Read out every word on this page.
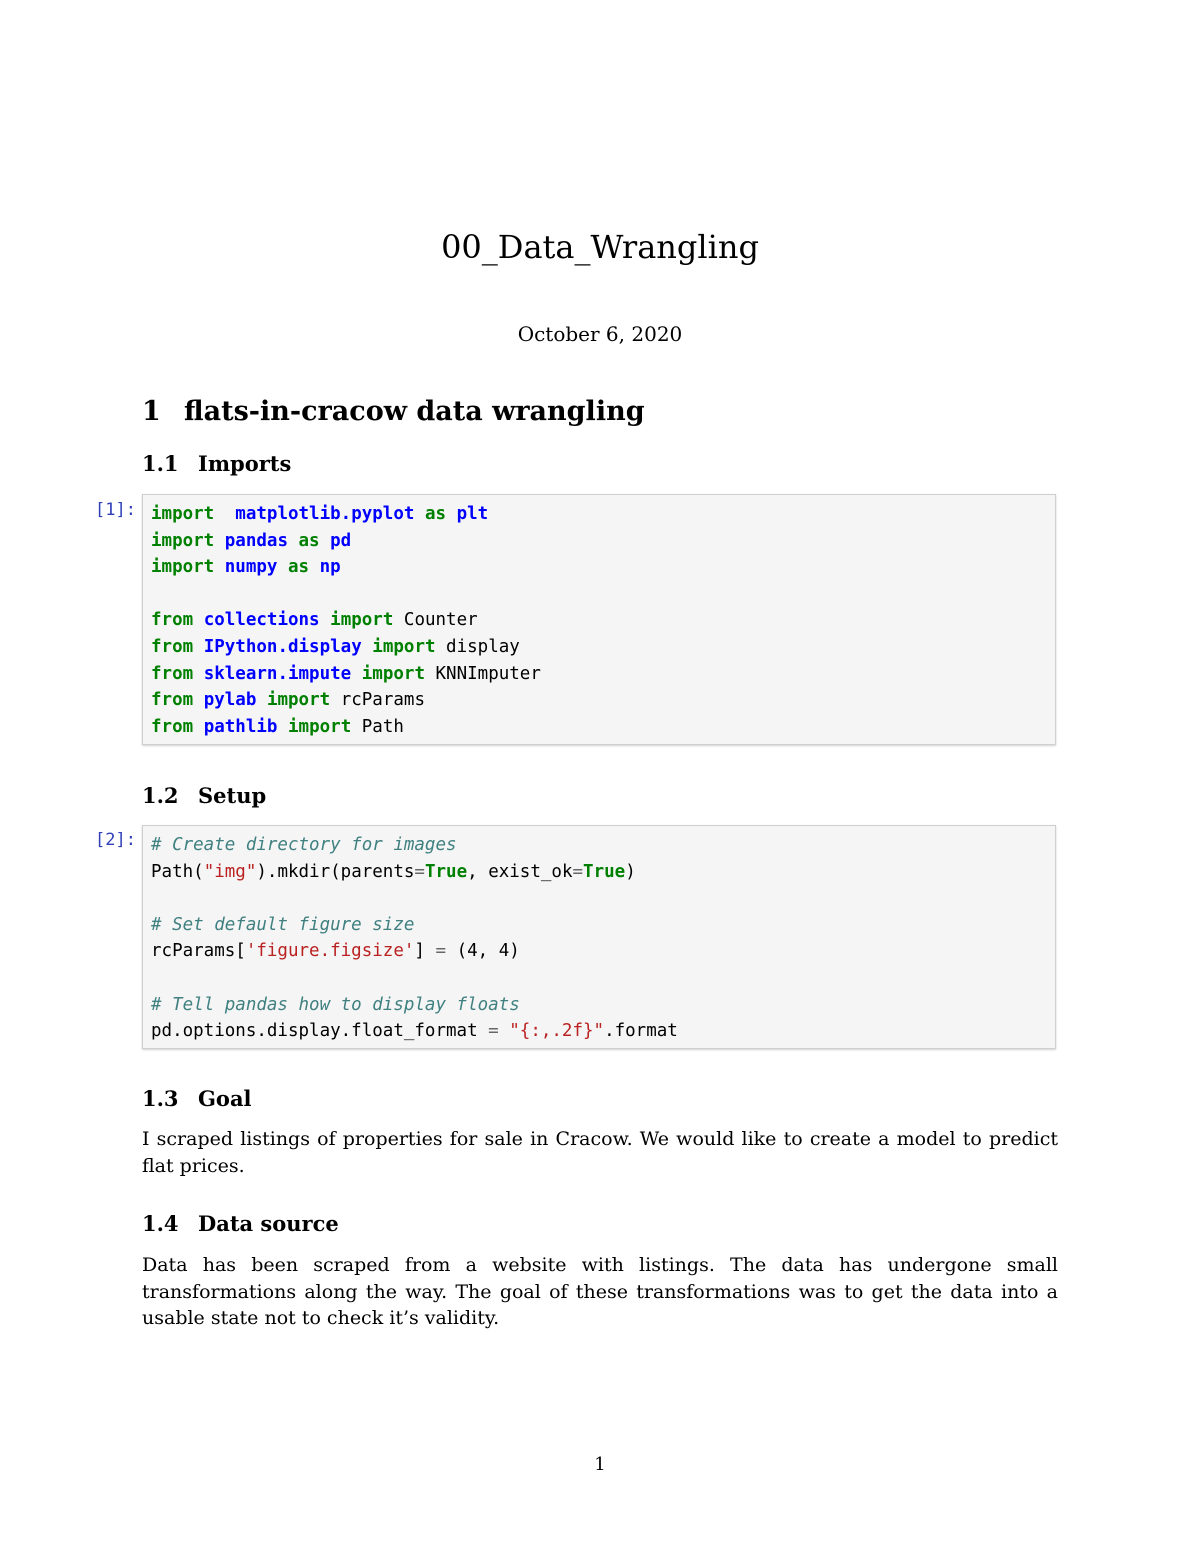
00_Data_Wrangling
October 6, 2020
1 flats-in-cracow data wrangling
1.1 Imports
[1]: import matplotlib.pyplot as plt
import pandas as pd
import numpy as np
from collections import Counter
from IPython.display import display
from sklearn.impute import KNNImputer
from pylab import rcParams
from pathlib import Path
1.2 Setup
[2]: # Create directory for images
Path("img").mkdir(parents=True, exist_ok=True)
# Set default figure size
rcParams['figure.figsize'] = (4, 4)
# Tell pandas how to display floats
pd.options.display.float_format = "{:,.2f}".format
1.3 Goal
I scraped listings of properties for sale in Cracow. We would like to create a model to predict flat prices.
1.4 Data source
Data has been scraped from a website with listings. The data has undergone small transformations along the way. The goal of these transformations was to get the data into a usable state not to check it’s validity.
1
